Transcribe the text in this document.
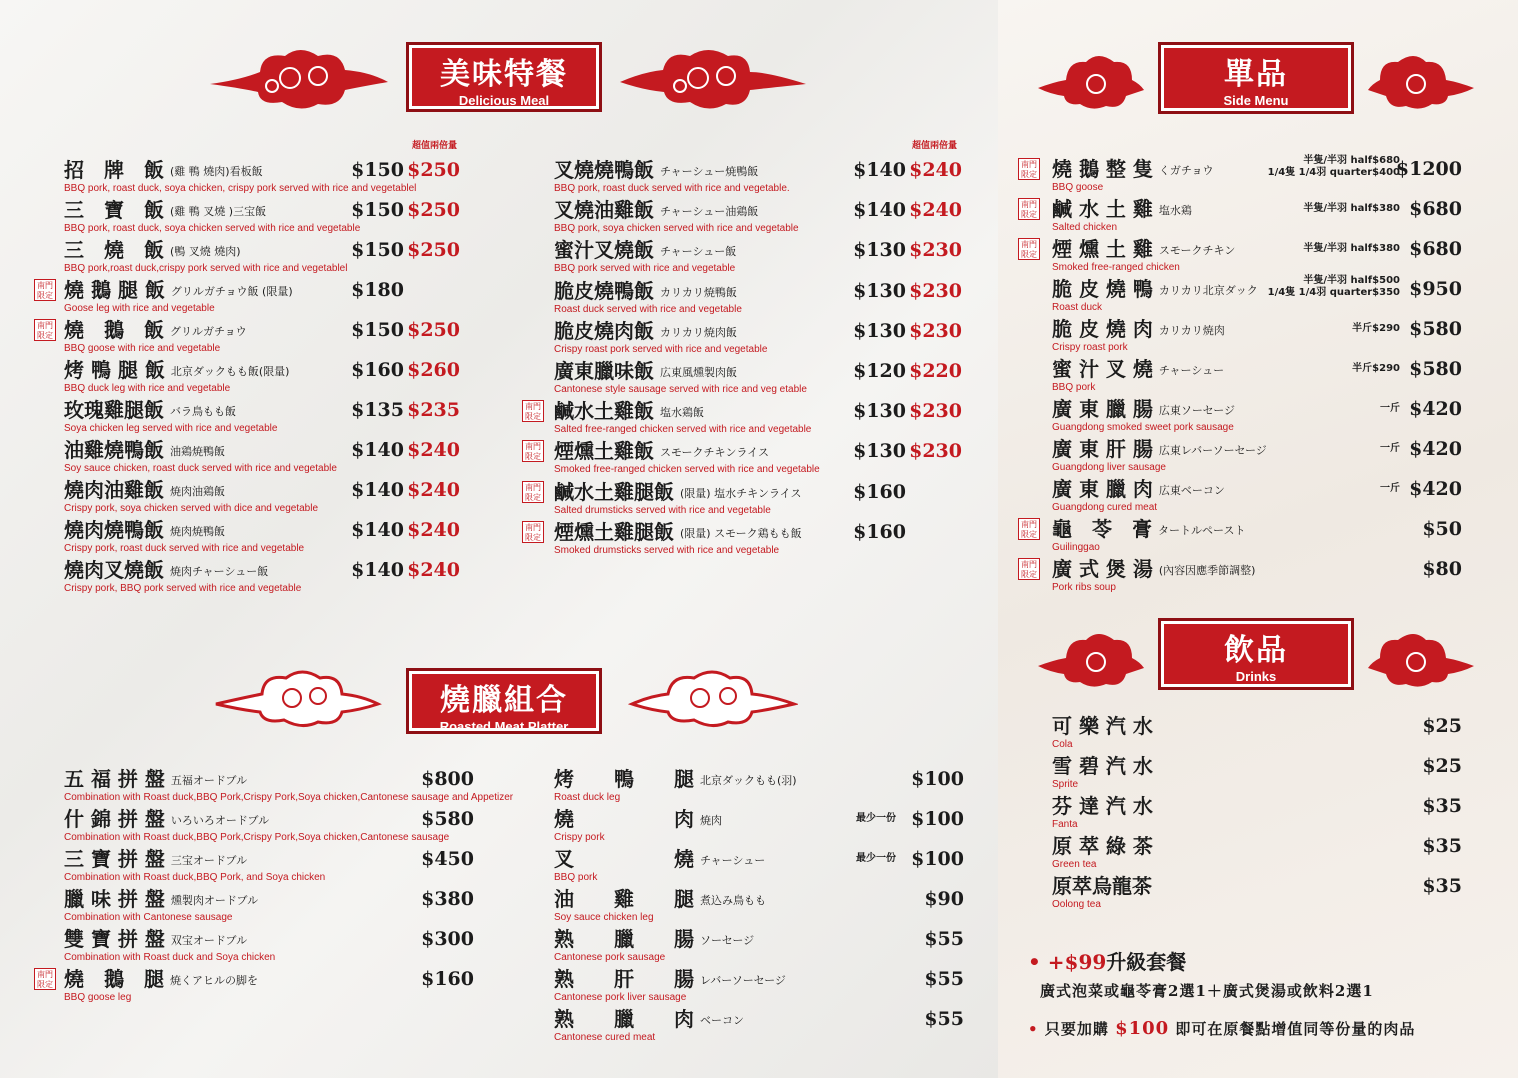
美味特餐
Delicious Meal
燒臘組合
Roasted Meat Platter
單品
Side Menu
飲品
Drinks
超值兩倍量	超值兩倍量
招　牌　飯 (雞 鴨 燒肉)看板飯
BBQ pork, roast duck, soya chicken, crispy pork served with rice and vegetablel
$150 $250
三　寶　飯 (雞 鴨 叉燒 )三宝飯
BBQ pork, roast duck, soya chicken served with rice and vegetable
$150 $250
三　燒　飯 (鴨 叉燒 燒肉)
BBQ pork,roast duck,crispy pork served with rice and vegetablel
$150 $250
南門限定 燒 鵝 腿 飯 グリルガチョウ飯 (限量)
Goose leg with rice and vegetable
$180
南門限定 燒　鵝　飯 グリルガチョウ
BBQ goose with rice and vegetable
$150 $250
烤 鴨 腿 飯 北京ダックもも飯(限量)
BBQ duck leg with rice and vegetable
$160 $260
玫瑰雞腿飯 バラ鳥もも飯
Soya chicken leg served with rice and vegetable
$135 $235
油雞燒鴨飯 油鶏焼鴨飯
Soy sauce chicken, roast duck served with rice and vegetable
$140 $240
燒肉油雞飯 焼肉油鶏飯
Crispy pork, soya chicken served with dice and vegetable
$140 $240
燒肉燒鴨飯 焼肉焼鴨飯
Crispy pork, roast duck served with rice and vegetable
$140 $240
燒肉叉燒飯 焼肉チャーシュー飯
Crispy pork, BBQ pork served with rice and vegetable
$140 $240
叉燒燒鴨飯 チャーシュー焼鴨飯
BBQ pork, roast duck served with rice and vegetable.
$140 $240
叉燒油雞飯 チャーシュー油鶏飯
BBQ pork, soya chicken served with rice and vegetable
$140 $240
蜜汁叉燒飯 チャーシュー飯
BBQ pork served with rice and vegetable
$130 $230
脆皮燒鴨飯 カリカリ焼鴨飯
Roast duck served with rice and vegetable
$130 $230
脆皮燒肉飯 カリカリ焼肉飯
Crispy roast pork served with rice and vegetable
$130 $230
廣東臘味飯 広東風燻製肉飯
Cantonese style sausage served with rice and veg etable
$120 $220
南門限定 鹹水土雞飯 塩水鶏飯
Salted free-ranged chicken served with rice and vegetable
$130 $230
南門限定 煙燻土雞飯 スモークチキンライス
Smoked free-ranged chicken served with rice and vegetable
$130 $230
南門限定 鹹水土雞腿飯 (限量) 塩水チキンライス
Salted drumsticks served with rice and vegetable
$160
南門限定 煙燻土雞腿飯 (限量) スモーク鶏もも飯
Smoked drumsticks served with rice and vegetable
$160
五 福 拼 盤 五福オードブル
Combination with Roast duck,BBQ Pork,Crispy Pork,Soya chicken,Cantonese sausage and Appetizer
$800
什 錦 拼 盤 いろいろオードブル
Combination with Roast duck,BBQ Pork,Crispy Pork,Soya chicken,Cantonese sausage
$580
三 寶 拼 盤 三宝オードブル
Combination with Roast duck,BBQ Pork, and Soya chicken
$450
臘 味 拼 盤 燻製肉オードブル
Combination with Cantonese sausage
$380
雙 寶 拼 盤 双宝オードブル
Combination with Roast duck and Soya chicken
$300
南門限定 燒　鵝　腿 焼くアヒルの脚を
BBQ goose leg
$160
烤　　鴨　　腿 北京ダックもも(羽)
Roast duck leg
$100
燒　　　　　肉 焼肉
Crispy pork
$100
最少一份
叉　　　　　燒 チャーシュー
BBQ pork
$100
最少一份
油　　雞　　腿 煮込み鳥もも
Soy sauce chicken leg
$90
熟　　臘　　腸 ソーセージ
Cantonese pork sausage
$55
熟　　肝　　腸 レバーソーセージ
Cantonese pork liver sausage
$55
熟　　臘　　肉 ベーコン
Cantonese cured meat
$55
南門限定 燒 鵝 整 隻 くガチョウ
BBQ goose
$1200
半隻/半羽 half$680
1/4隻 1/4羽 quarter$400
南門限定 鹹 水 土 雞 塩水鶏
Salted chicken
$680
半隻/半羽 half$380
南門限定 煙 燻 土 雞 スモークチキン
Smoked free-ranged chicken
$680
半隻/半羽 half$380
脆 皮 燒 鴨 カリカリ北京ダック
Roast duck
$950
半隻/半羽 half$500
1/4隻 1/4羽 quarter$350
脆 皮 燒 肉 カリカリ焼肉
Crispy roast pork
$580
半斤$290
蜜 汁 叉 燒 チャーシュー
BBQ pork
$580
半斤$290
廣 東 臘 腸 広東ソーセージ
Guangdong smoked sweet pork sausage
$420
一斤
廣 東 肝 腸 広東レバーソーセージ
Guangdong liver sausage
$420
一斤
廣 東 臘 肉 広東ベーコン
Guangdong cured meat
$420
一斤
南門限定 龜　苓　膏 タートルペースト
Guilinggao
$50
南門限定 廣 式 煲 湯 (內容因應季節調整)
Pork ribs soup
$80
可 樂 汽 水
Cola
$25
雪 碧 汽 水
Sprite
$25
芬 達 汽 水
Fanta
$35
原 萃 綠 茶
Green tea
$35
原萃烏龍茶
Oolong tea
$35
• +$99升級套餐
廣式泡菜或龜苓膏2選1＋廣式煲湯或飲料2選1
• 只要加購 $100 即可在原餐點增值同等份量的肉品
